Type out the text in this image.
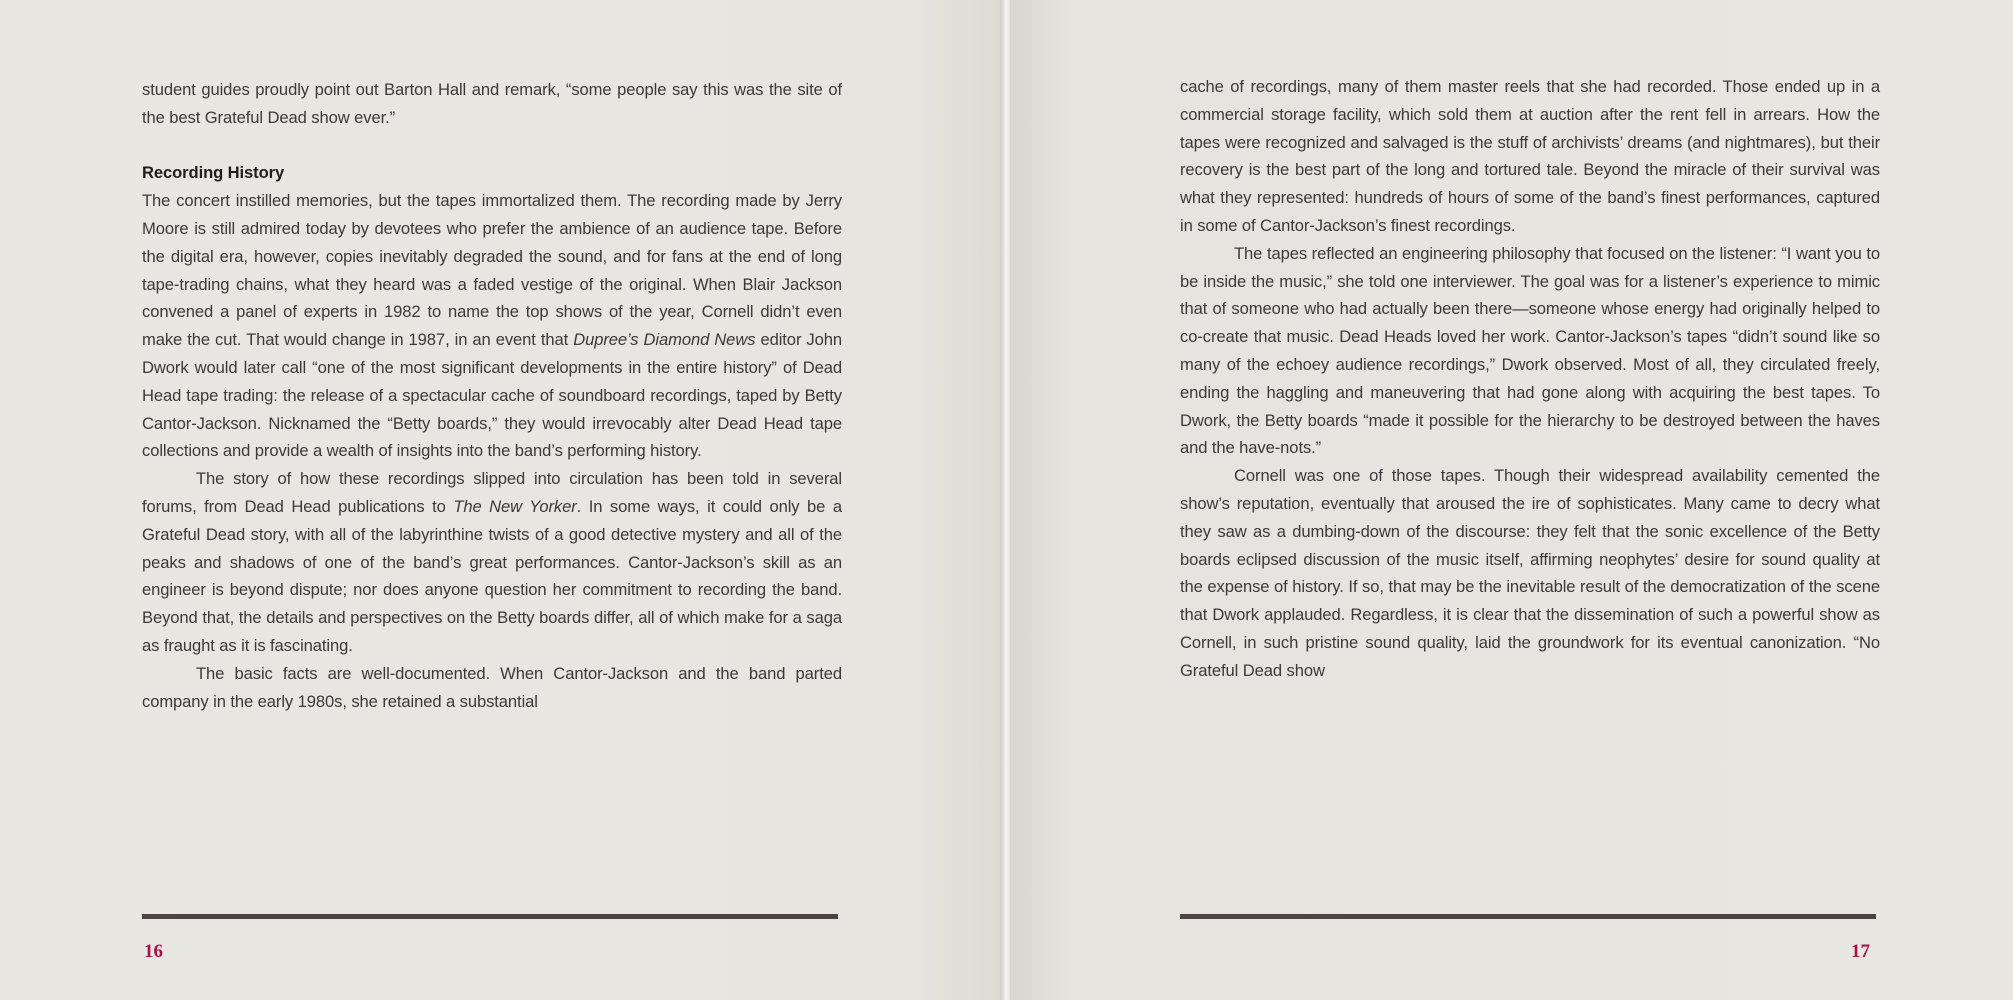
student guides proudly point out Barton Hall and remark, “some people say this was the site of the best Grateful Dead show ever.”

Recording History

The concert instilled memories, but the tapes immortalized them. The recording made by Jerry Moore is still admired today by devotees who prefer the ambience of an audience tape. Before the digital era, however, copies inevitably degraded the sound, and for fans at the end of long tape-trading chains, what they heard was a faded vestige of the original. When Blair Jackson convened a panel of experts in 1982 to name the top shows of the year, Cornell didn’t even make the cut. That would change in 1987, in an event that Dupree’s Diamond News editor John Dwork would later call “one of the most significant developments in the entire history” of Dead Head tape trading: the release of a spectacular cache of soundboard recordings, taped by Betty Cantor-Jackson. Nicknamed the “Betty boards,” they would irrevocably alter Dead Head tape collections and provide a wealth of insights into the band’s performing history.

The story of how these recordings slipped into circulation has been told in several forums, from Dead Head publications to The New Yorker. In some ways, it could only be a Grateful Dead story, with all of the labyrinthine twists of a good detective mystery and all of the peaks and shadows of one of the band’s great performances. Cantor-Jackson’s skill as an engineer is beyond dispute; nor does anyone question her commitment to recording the band. Beyond that, the details and perspectives on the Betty boards differ, all of which make for a saga as fraught as it is fascinating.

The basic facts are well-documented. When Cantor-Jackson and the band parted company in the early 1980s, she retained a substantial

16

cache of recordings, many of them master reels that she had recorded. Those ended up in a commercial storage facility, which sold them at auction after the rent fell in arrears. How the tapes were recognized and salvaged is the stuff of archivists’ dreams (and nightmares), but their recovery is the best part of the long and tortured tale. Beyond the miracle of their survival was what they represented: hundreds of hours of some of the band’s finest performances, captured in some of Cantor-Jackson’s finest recordings.

The tapes reflected an engineering philosophy that focused on the listener: “I want you to be inside the music,” she told one interviewer. The goal was for a listener’s experience to mimic that of someone who had actually been there—someone whose energy had originally helped to co-create that music. Dead Heads loved her work. Cantor-Jackson’s tapes “didn’t sound like so many of the echoey audience recordings,” Dwork observed. Most of all, they circulated freely, ending the haggling and maneuvering that had gone along with acquiring the best tapes. To Dwork, the Betty boards “made it possible for the hierarchy to be destroyed between the haves and the have-nots.”

Cornell was one of those tapes. Though their widespread availability cemented the show’s reputation, eventually that aroused the ire of sophisticates. Many came to decry what they saw as a dumbing-down of the discourse: they felt that the sonic excellence of the Betty boards eclipsed discussion of the music itself, affirming neophytes’ desire for sound quality at the expense of history. If so, that may be the inevitable result of the democratization of the scene that Dwork applauded. Regardless, it is clear that the dissemination of such a powerful show as Cornell, in such pristine sound quality, laid the groundwork for its eventual canonization. “No Grateful Dead show

17
